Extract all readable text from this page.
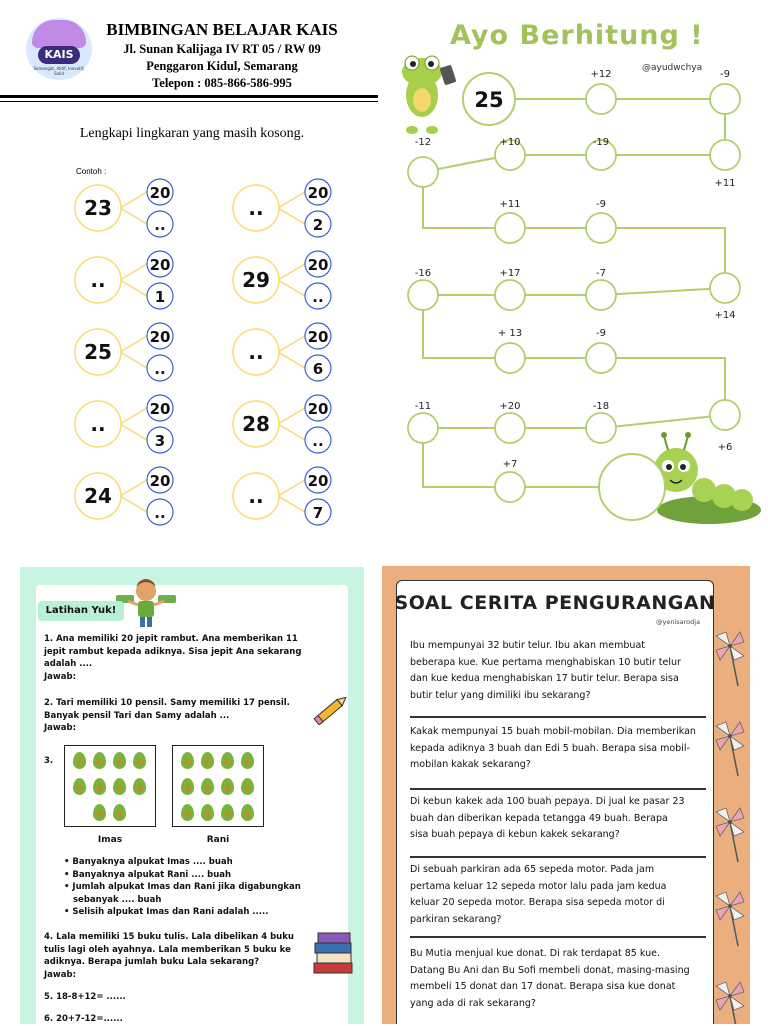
KAIS
Semangat, Aktif, Inovatif, Solid
BIMBINGAN BELAJAR KAIS
Jl. Sunan Kalijaga IV RT 05 / RW 09
Penggaron Kidul, Semarang
Telepon : 085-866-586-995
Lengkapi lingkaran yang masih kosong.
Contoh :
23
20
..
..
20
2
..
20
1
29
20
..
25
20
..
..
20
6
..
20
3
28
20
..
24
20
..
..
20
7
Ayo Berhitung !
@ayudwchya
25
+12	-9
+11
-19
+10
-12
+11	-9
+14
-7
+17
-16
+ 13	-9
+6
-18
+20
-11
+7
Latihan Yuk!
1. Ana memiliki 20 jepit rambut. Ana memberikan 11
jepit rambut kepada adiknya. Sisa jepit Ana sekarang
adalah ....
Jawab:
2. Tari memiliki 10 pensil. Samy memiliki 17 pensil.
Banyak pensil Tari dan Samy adalah ...
Jawab:
3.
Imas	Rani
• Banyaknya alpukat Imas .... buah
• Banyaknya alpukat Rani .... buah
• Jumlah alpukat Imas dan Rani jika digabungkan
sebanyak .... buah
• Selisih alpukat Imas dan Rani adalah .....
4. Lala memiliki 15 buku tulis. Lala dibelikan 4 buku
tulis lagi oleh ayahnya. Lala memberikan 5 buku ke
adiknya. Berapa jumlah buku Lala sekarang?
Jawab:
5. 18-8+12= ......
6. 20+7-12=......
SOAL CERITA PENGURANGAN
@yenisarodja
Ibu mempunyai 32 butir telur. Ibu akan membuat
beberapa kue. Kue pertama menghabiskan 10 butir telur
dan kue kedua menghabiskan 17 butir telur. Berapa sisa
butir telur yang dimiliki ibu sekarang?
Kakak mempunyai 15 buah mobil-mobilan. Dia memberikan
kepada adiknya 3 buah dan Edi 5 buah. Berapa sisa mobil-
mobilan kakak sekarang?
Di kebun kakek ada 100 buah pepaya. Di jual ke pasar 23
buah dan diberikan kepada tetangga 49 buah. Berapa
sisa buah pepaya di kebun kakek sekarang?
Di sebuah parkiran ada 65 sepeda motor. Pada jam
pertama keluar 12 sepeda motor lalu pada jam kedua
keluar 20 sepeda motor. Berapa sisa sepeda motor di
parkiran sekarang?
Bu Mutia menjual kue donat. Di rak terdapat 85 kue.
Datang Bu Ani dan Bu Sofi membeli donat, masing-masing
membeli 15 donat dan 17 donat. Berapa sisa kue donat
yang ada di rak sekarang?
